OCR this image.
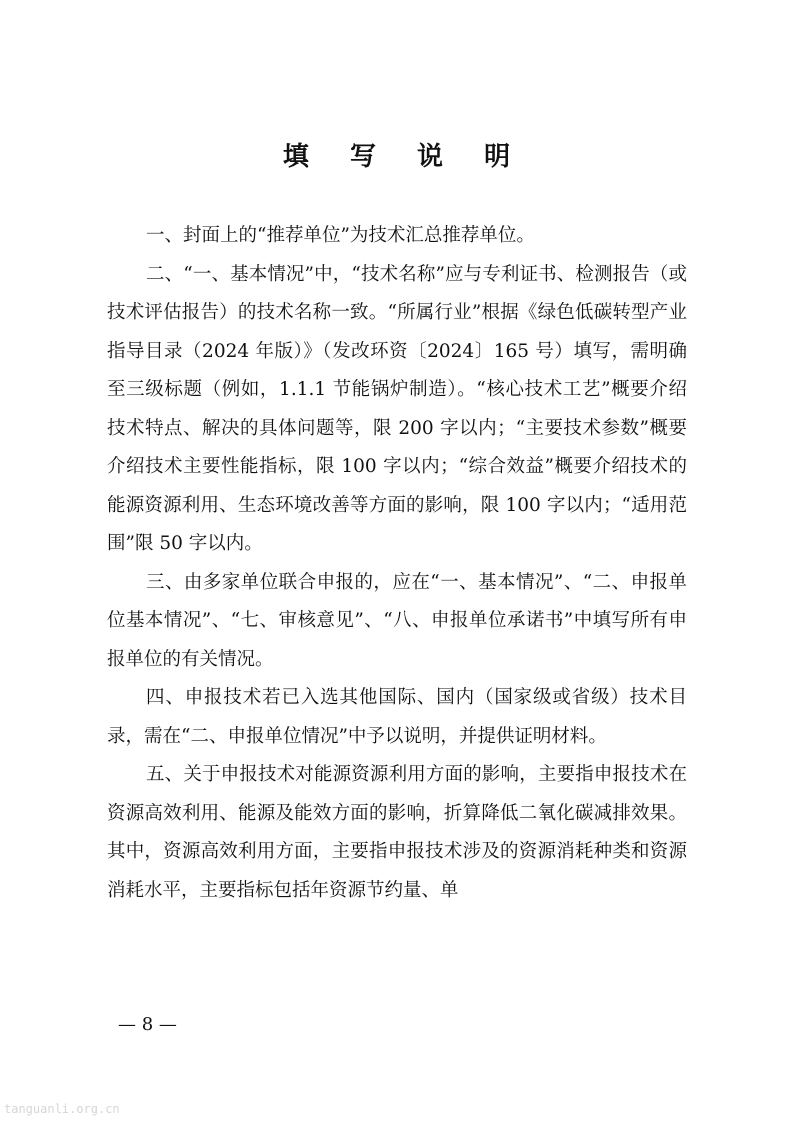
填 写 说 明

一、封面上的“推荐单位”为技术汇总推荐单位。

二、“一、基本情况”中，“技术名称”应与专利证书、检测报告（或技术评估报告）的技术名称一致。“所属行业”根据《绿色低碳转型产业指导目录（2024 年版）》（发改环资〔2024〕165 号）填写，需明确至三级标题（例如，1.1.1 节能锅炉制造）。“核心技术工艺”概要介绍技术特点、解决的具体问题等，限 200 字以内；“主要技术参数”概要介绍技术主要性能指标，限 100 字以内；“综合效益”概要介绍技术的能源资源利用、生态环境改善等方面的影响，限 100 字以内；“适用范围”限 50 字以内。

三、由多家单位联合申报的，应在“一、基本情况”、“二、申报单位基本情况”、“七、审核意见”、“八、申报单位承诺书”中填写所有申报单位的有关情况。

四、申报技术若已入选其他国际、国内（国家级或省级）技术目录，需在“二、申报单位情况”中予以说明，并提供证明材料。

五、关于申报技术对能源资源利用方面的影响，主要指申报技术在资源高效利用、能源及能效方面的影响，折算降低二氧化碳减排效果。其中，资源高效利用方面，主要指申报技术涉及的资源消耗种类和资源消耗水平，主要指标包括年资源节约量、单

— 8 —
tanguanli.org.cn
